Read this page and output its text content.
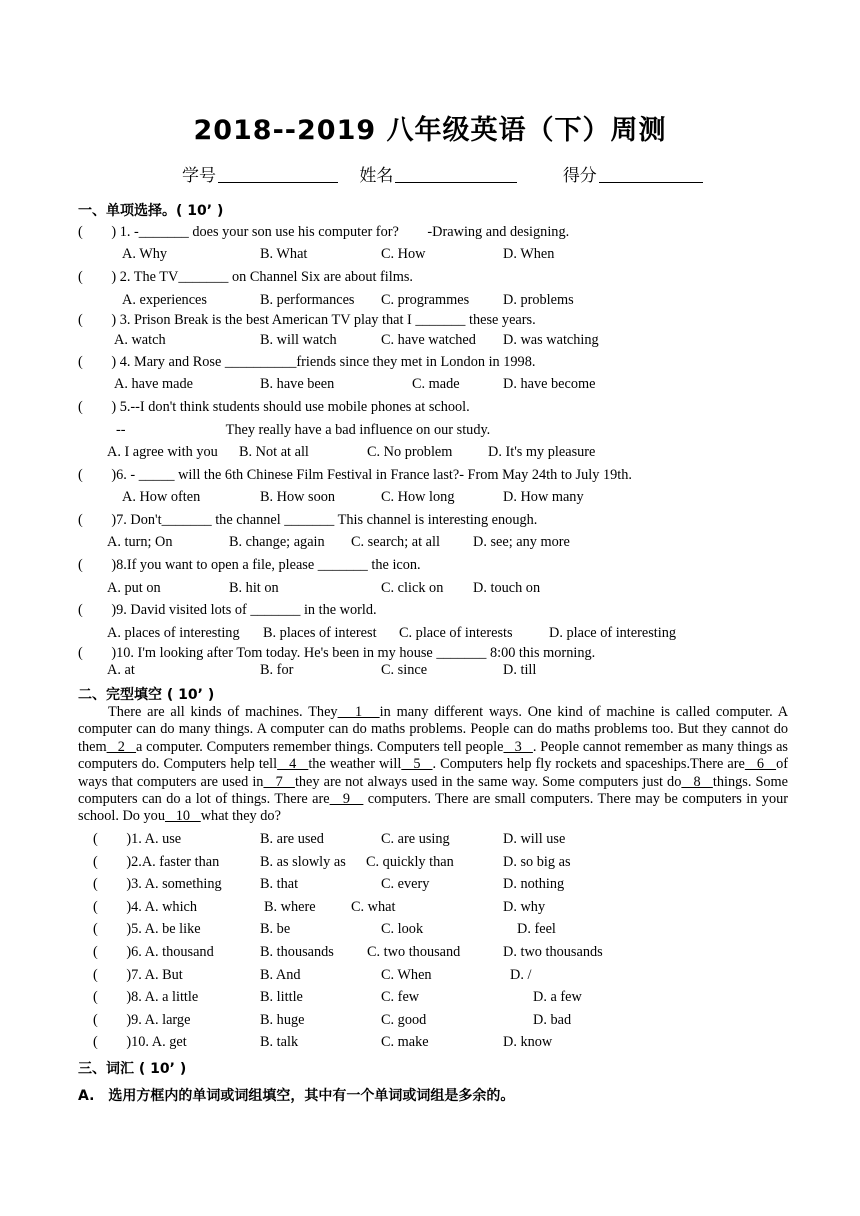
2018--2019 八年级英语（下）周测
学号	姓名	得分
一、单项选择。( 10’ )
(　　) 1. -_______ does your son use his computer for?　　-Drawing and designing.
A. Why	B. What	C. How	D. When
(　　) 2. The TV_______ on Channel Six are about films.
A. experiences	B. performances C. programmes D. problems
(　　) 3. Prison Break is the best American TV play that I _______ these years.
A. watch	B. will watch	C. have watched D. was watching
(　　) 4. Mary and Rose __________friends since they met in London in 1998.
A. have made	B. have been	C. made	D. have become
(　　) 5.--I don't think students should use mobile phones at school.
--　　　　　　　They really have a bad influence on our study.
A. I agree with you B. Not at all	C. No problem D. It's my pleasure
(　　)6. - _____ will the 6th Chinese Film Festival in France last?- From May 24th to July 19th.
A. How often	B. How soon	C. How long	D. How many
(　　)7. Don't_______ the channel _______ This channel is interesting enough.
A. turn; On	B. change; again C. search; at all D. see; any more
(　　)8.If you want to open a file, please _______ the icon.
A. put on	B. hit on	C. click on D. touch on
(　　)9. David visited lots of _______ in the world.
A. places of interesting B. places of interest C. place of interests	D. place of interesting
(　　)10. I'm looking after Tom today. He's been in my house _______ 8:00 this morning.
A. at	B. for	C. since	D. till
二、完型填空 ( 10’ )
There are all kinds of machines. They   1   in many different ways. One kind of machine is called computer. A computer can do many things. A computer can do maths problems. People can do maths problems too. But they cannot do them   2   a computer. Computers remember things. Computers tell people   3   . People cannot remember as many things as computers do. Computers help tell   4   the weather will   5   . Computers help fly rockets and spaceships.There are   6   of ways that computers are used in   7   they are not always used in the same way. Some computers just do   8   things. Some computers can do a lot of things. There are   9    computers. There are small computers. There may be computers in your school. Do you   10   what they do?
(　　)1. A. use	B. are used	C. are using	D. will use
(　　)2.A. faster than	B. as slowly as C. quickly than	D. so big as
(　　)3. A. something	B. that	C. every	D. nothing
(　　)4. A. which	B. where C. what	D. why
(　　)5. A. be like	B. be	C. look	D. feel
(　　)6. A. thousand	B. thousands C. two thousand	D. two thousands
(　　)7. A. But	B. And	C. When	D. /
(　　)8. A. a little	B. little	C. few	D. a few
(　　)9. A. large	B. huge	C. good	D. bad
(　　)10. A. get	B. talk	C. make	D. know
三、词汇 ( 10’ )
A.　选用方框内的单词或词组填空，其中有一个单词或词组是多余的。
